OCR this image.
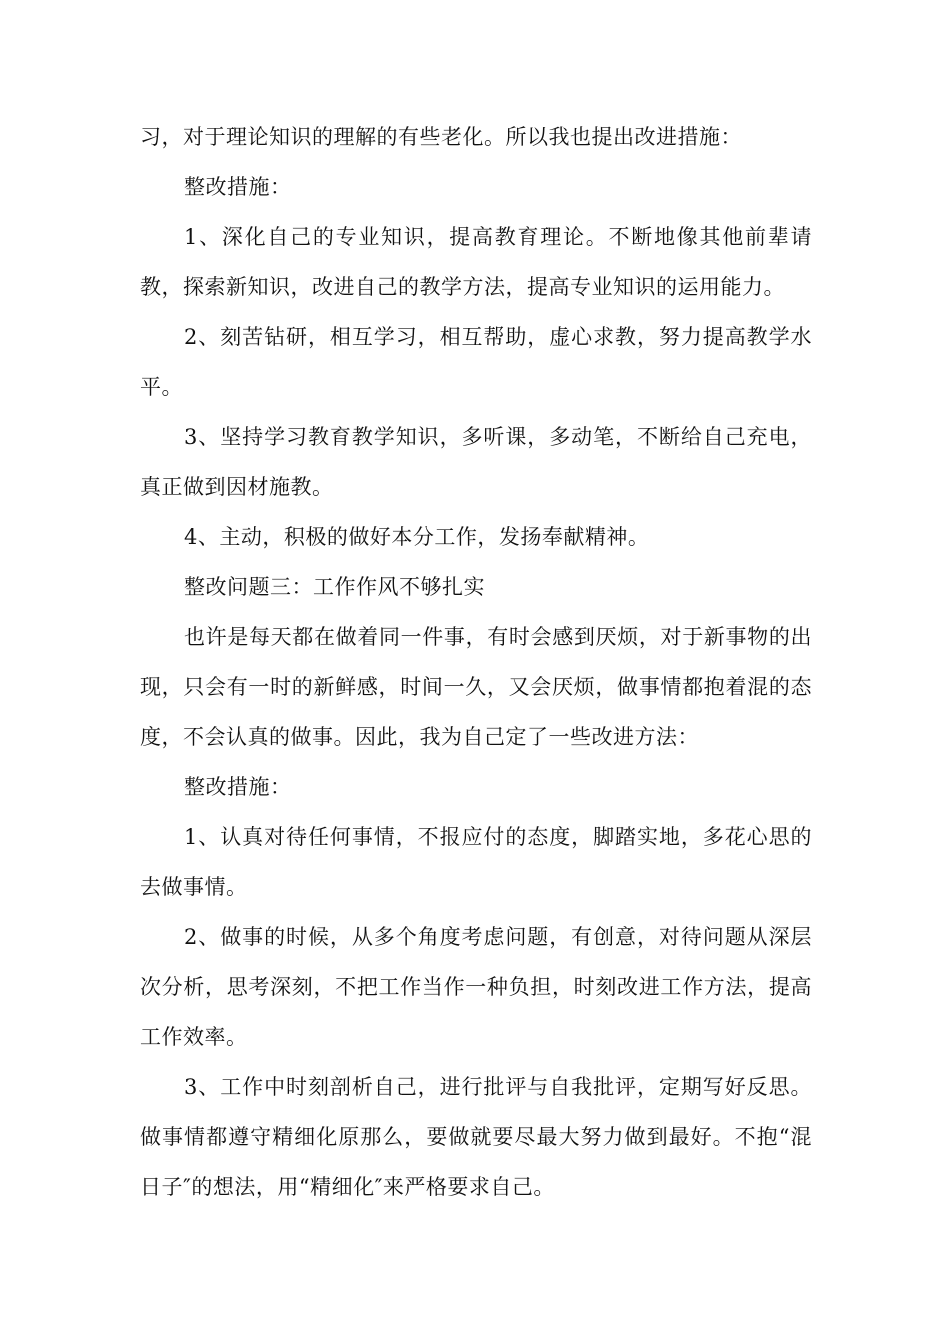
习，对于理论知识的理解的有些老化。所以我也提出改进措施：

整改措施：

1、深化自己的专业知识，提高教育理论。不断地像其他前辈请教，探索新知识，改进自己的教学方法，提高专业知识的运用能力。

2、刻苦钻研，相互学习，相互帮助，虚心求教，努力提高教学水平。

3、坚持学习教育教学知识，多听课，多动笔，不断给自己充电，真正做到因材施教。

4、主动，积极的做好本分工作，发扬奉献精神。

整改问题三：工作作风不够扎实

也许是每天都在做着同一件事，有时会感到厌烦，对于新事物的出现，只会有一时的新鲜感，时间一久，又会厌烦，做事情都抱着混的态度，不会认真的做事。因此，我为自己定了一些改进方法：

整改措施：

1、认真对待任何事情，不报应付的态度，脚踏实地，多花心思的去做事情。

2、做事的时候，从多个角度考虑问题，有创意，对待问题从深层次分析，思考深刻，不把工作当作一种负担，时刻改进工作方法，提高工作效率。

3、工作中时刻剖析自己，进行批评与自我批评，定期写好反思。做事情都遵守精细化原那么，要做就要尽最大努力做到最好。不抱“混日子″的想法，用“精细化″来严格要求自己。
